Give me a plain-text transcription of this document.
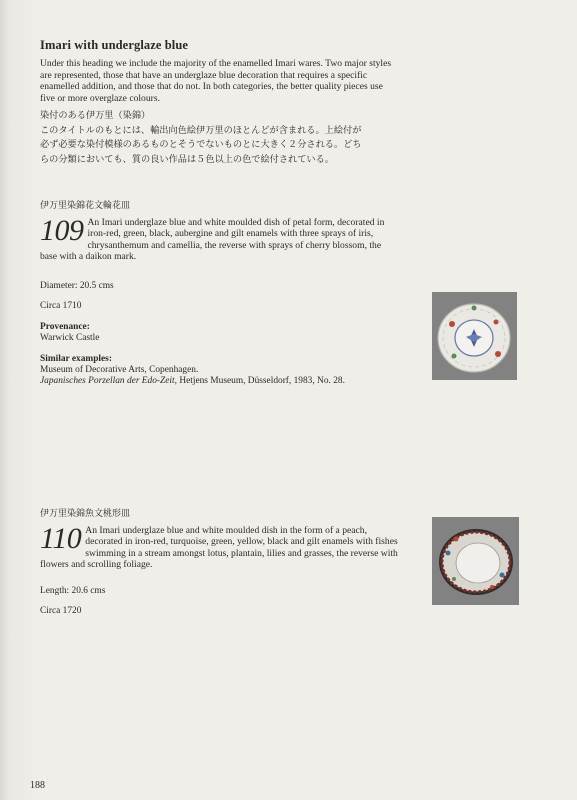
Imari with underglaze blue
Under this heading we include the majority of the enamelled Imari wares. Two major styles are represented, those that have an underglaze blue decoration that requires a specific enamelled addition, and those that do not. In both categories, the better quality pieces use five or more overglaze colours.

染付のある伊万里（染錦）

このタイトルのもとには、輸出向色絵伊万里のほとんどが含まれる。上絵付が

必ず必要な染付模様のあるものとそうでないものとに大きく２分される。どち

らの分類においても、質の良い作品は５色以上の色で絵付されている。

伊万里染錦花文輪花皿
109 An Imari underglaze blue and white moulded dish of petal form, decorated in iron-red, green, black, aubergine and gilt enamels with three sprays of iris, chrysanthemum and camellia, the reverse with sprays of cherry blossom, the base with a daikon mark.
Diameter: 20.5 cms
Circa 1710
Provenance:
Warwick Castle
Similar examples:
Museum of Decorative Arts, Copenhagen.
Japanisches Porzellan der Edo-Zeit, Hetjens Museum, Düsseldorf, 1983, No. 28.
伊万里染錦魚文桃形皿
110 An Imari underglaze blue and white moulded dish in the form of a peach, decorated in iron-red, turquoise, green, yellow, black and gilt enamels with fishes swimming in a stream amongst lotus, plantain, lilies and grasses, the reverse with flowers and scrolling foliage.
Length: 20.6 cms
Circa 1720
188
